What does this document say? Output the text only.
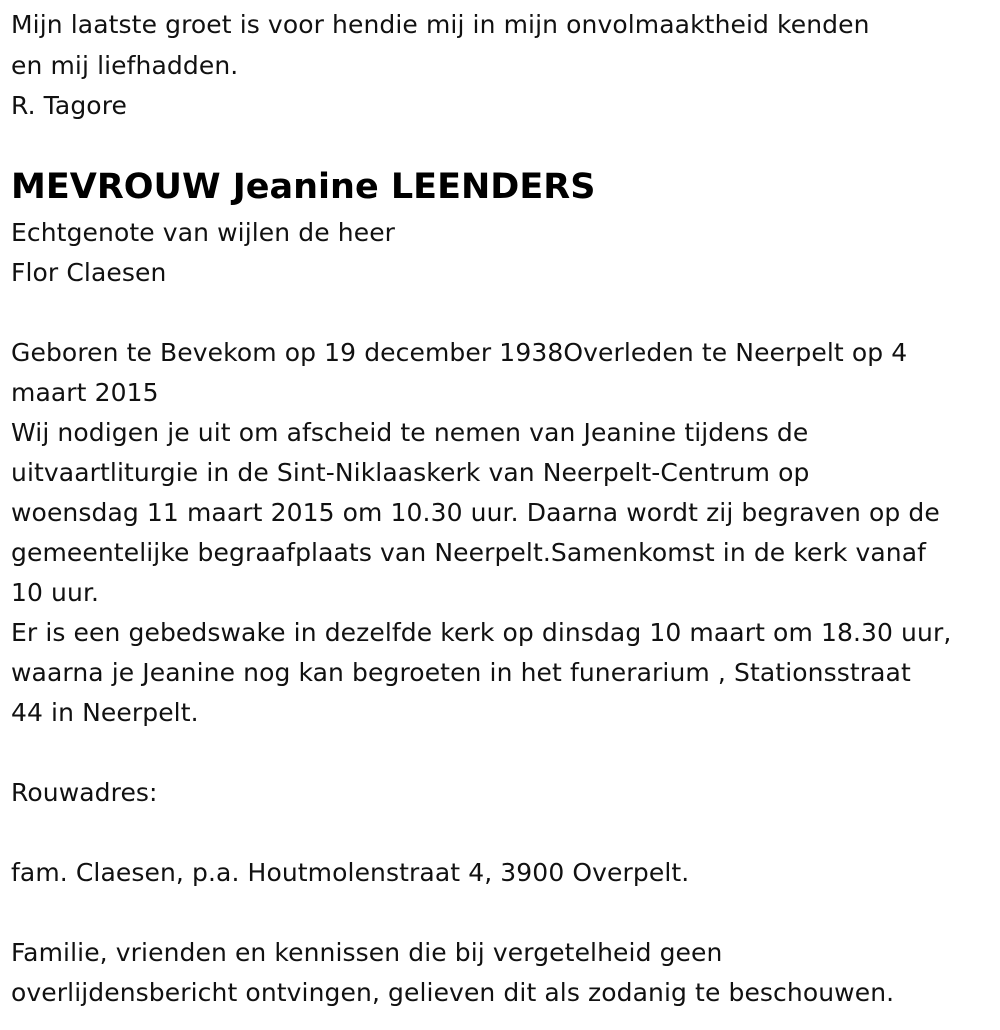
Mijn laatste groet is voor hendie mij in mijn onvolmaaktheid kenden
en mij liefhadden.
R. Tagore
MEVROUW Jeanine LEENDERS
Echtgenote van wijlen de heer
Flor Claesen
Geboren te Bevekom op 19 december 1938Overleden te Neerpelt op 4
maart 2015
Wij nodigen je uit om afscheid te nemen van Jeanine tijdens de
uitvaartliturgie in de Sint-Niklaaskerk van Neerpelt-Centrum op
woensdag 11 maart 2015 om 10.30 uur. Daarna wordt zij begraven op de
gemeentelijke begraafplaats van Neerpelt.Samenkomst in de kerk vanaf
10 uur.
Er is een gebedswake in dezelfde kerk op dinsdag 10 maart om 18.30 uur,
waarna je Jeanine nog kan begroeten in het funerarium , Stationsstraat
44 in Neerpelt.
Rouwadres:
fam. Claesen, p.a. Houtmolenstraat 4, 3900 Overpelt.
Familie, vrienden en kennissen die bij vergetelheid geen
overlijdensbericht ontvingen, gelieven dit als zodanig te beschouwen.
